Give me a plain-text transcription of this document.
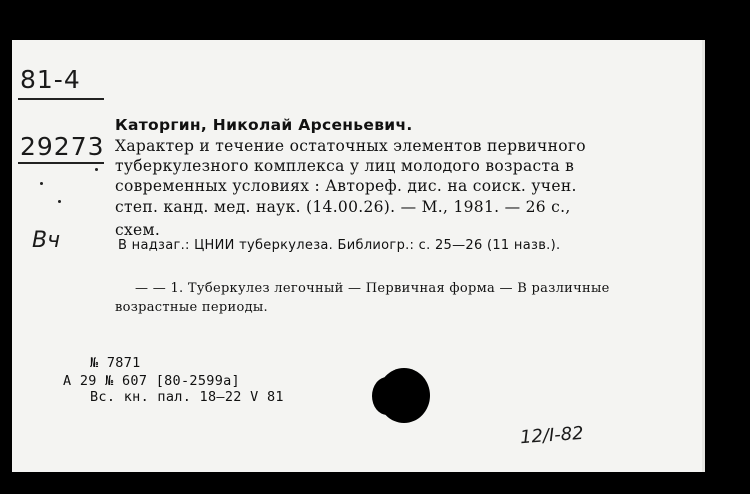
81-4
29273
Вч
Каторгин, Николай Арсеньевич.
Характер и течение остаточных элементов первичного
туберкулезного комплекса у лиц молодого возраста в
современных условиях : Автореф. дис. на соиск. учен.
степ. канд. мед. наук. (14.00.26). — М., 1981. — 26 с.,
схем.
В надзаг.: ЦНИИ туберкулеза. Библиогр.: с. 25—26 (11 назв.).
— — 1. Туберкулез легочный — Первичная форма — В различные
возрастные периоды.
№ 7871
А 29 № 607 [80-2599а]
Вс. кн. пал. 18—22 V 81
12/I-82
